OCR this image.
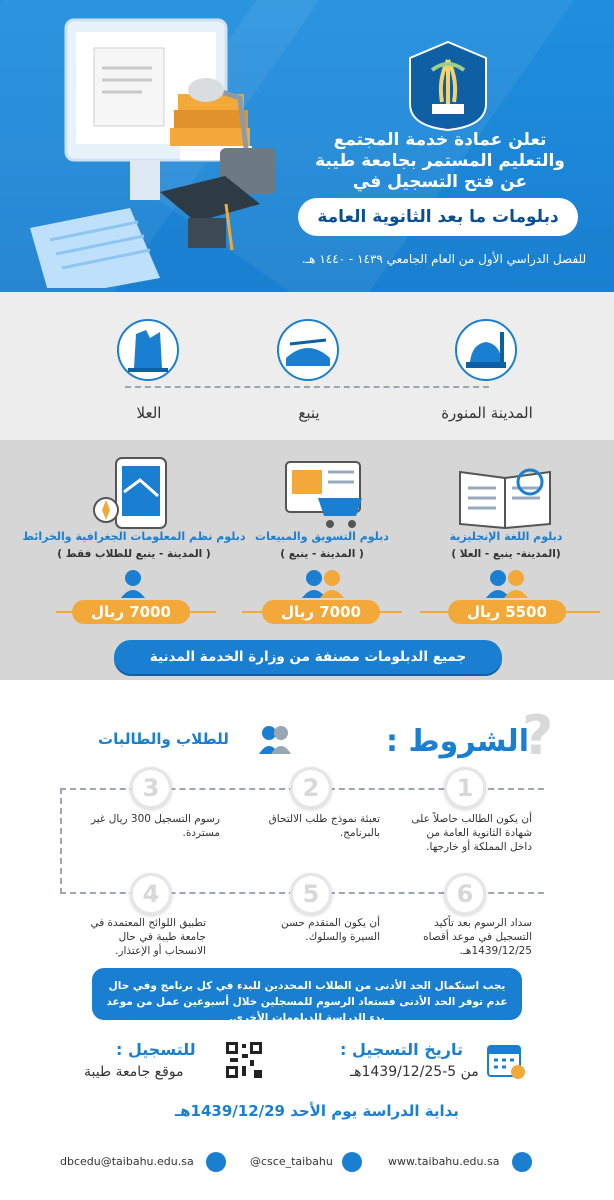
تعلن عمادة خدمة المجتمع
والتعليم المستمر بجامعة طيبة
عن فتح التسجيل في
دبلومات ما بعد الثانوية العامة
للفصل الدراسي الأول من العام الجامعي ١٤٣٩ - ١٤٤٠ هـ.
المدينة المنورة
ينبع
العلا
دبلوم اللغة الإنجليزية
(المدينة- ينبع - العلا )
5500 ريال
دبلوم التسويق والمبيعات
( المدينة - ينبع )
7000 ريال
دبلوم نظم المعلومات الجغرافية والخرائط
( المدينة - ينبع للطلاب فقط )
7000 ريال
جميع الدبلومات مصنفة من وزارة الخدمة المدنية
?
الشروط :
للطلاب والطالبات
1
2
3
6
5
4
أن يكون الطالب حاصلاً على شهادة الثانوية العامة من داخل المملكة أو خارجها.
تعبئة نموذج طلب الالتحاق بالبرنامج.
رسوم التسجيل 300 ريال غير مستردة.
سداد الرسوم بعد تأكيد التسجيل في موعد أقصاه 1439/12/25هـ.
أن يكون المتقدم حسن السيرة والسلوك.
تطبيق اللوائح المعتمدة في جامعة طيبة في حال الانسحاب أو الإعتذار.
يجب استكمال الحد الأدنى من الطلاب المحددين للبدء في كل برنامج وفي حال عدم توفر الحد الأدنى فستعاد الرسوم للمسجلين خلال أسبوعين عمل من موعد بدء الدراسة للدبلومات الأخرى.
تاريخ التسجيل :
من 5-1439/12/25هـ
للتسجيل :
موقع جامعة طيبة
بداية الدراسة يوم الأحد 1439/12/29هـ
www.taibahu.edu.sa
@csce_taibahu
dbcedu@taibahu.edu.sa
